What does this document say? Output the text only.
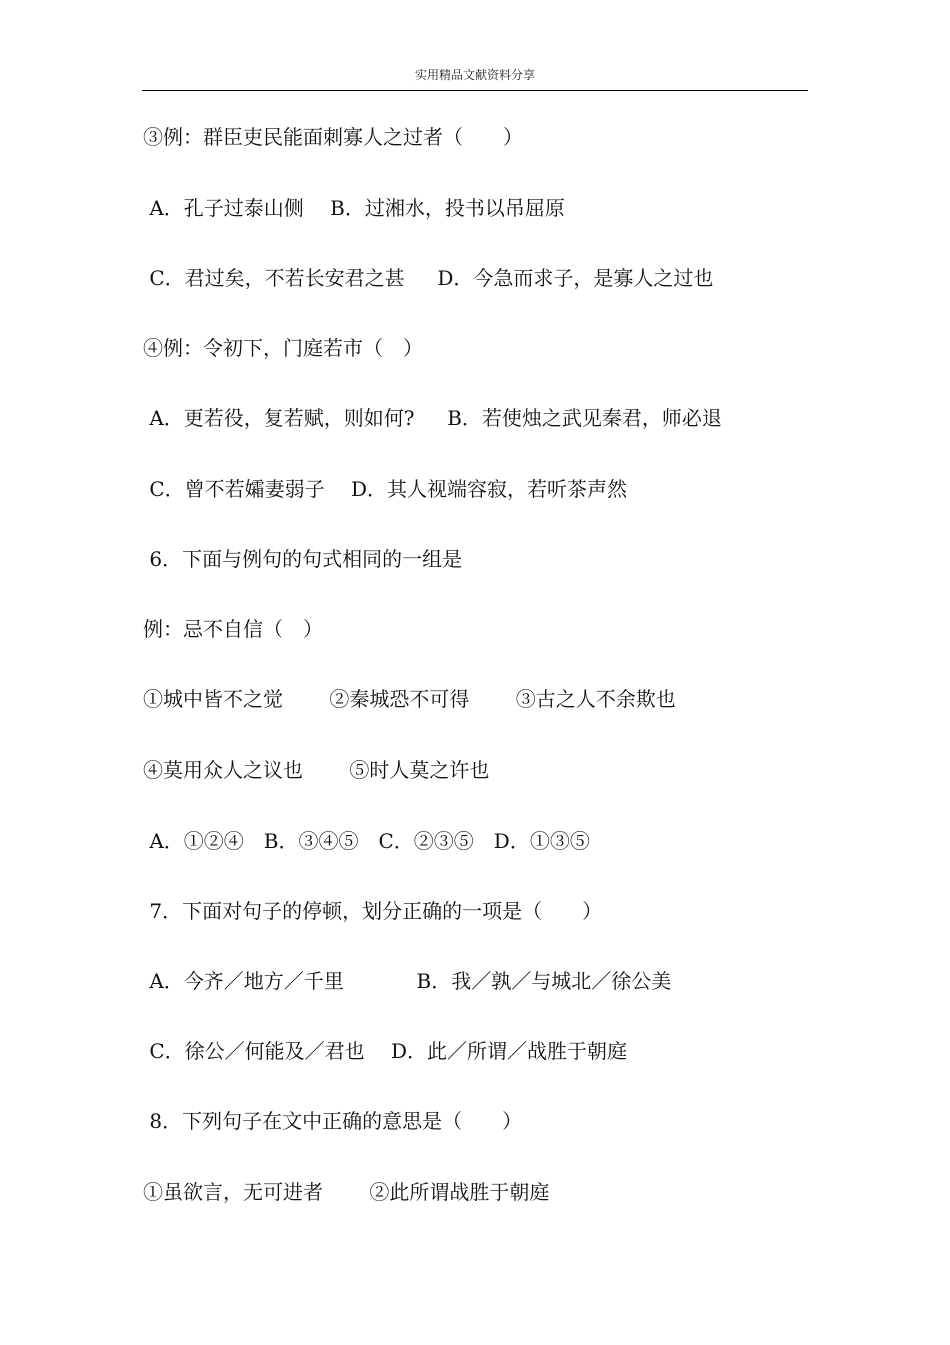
实用精品文献资料分享
③例：群臣吏民能面刺寡人之过者（　　）
A．孔子过泰山侧　 B．过湘水，投书以吊屈原
C．君过矣，不若长安君之甚　  D．今急而求子，是寡人之过也
④例：令初下，门庭若市（　）
A．更若役，复若赋，则如何?　  B．若使烛之武见秦君，师必退
C．曾不若孀妻弱子　 D．其人视端容寂，若听茶声然
6．下面与例句的句式相同的一组是
例：忌不自信（　）
①城中皆不之觉　　 ②秦城恐不可得　　 ③古之人不余欺也
④莫用众人之议也　　 ⑤时人莫之许也
A．①②④　B．③④⑤　C．②③⑤　D．①③⑤
7．下面对句子的停顿，划分正确的一项是（　　）
A．今齐／地方／千里　　　  B．我／孰／与城北／徐公美
C．徐公／何能及／君也　 D．此／所谓／战胜于朝庭
8．下列句子在文中正确的意思是（　　）
①虽欲言，无可进者　　 ②此所谓战胜于朝庭
